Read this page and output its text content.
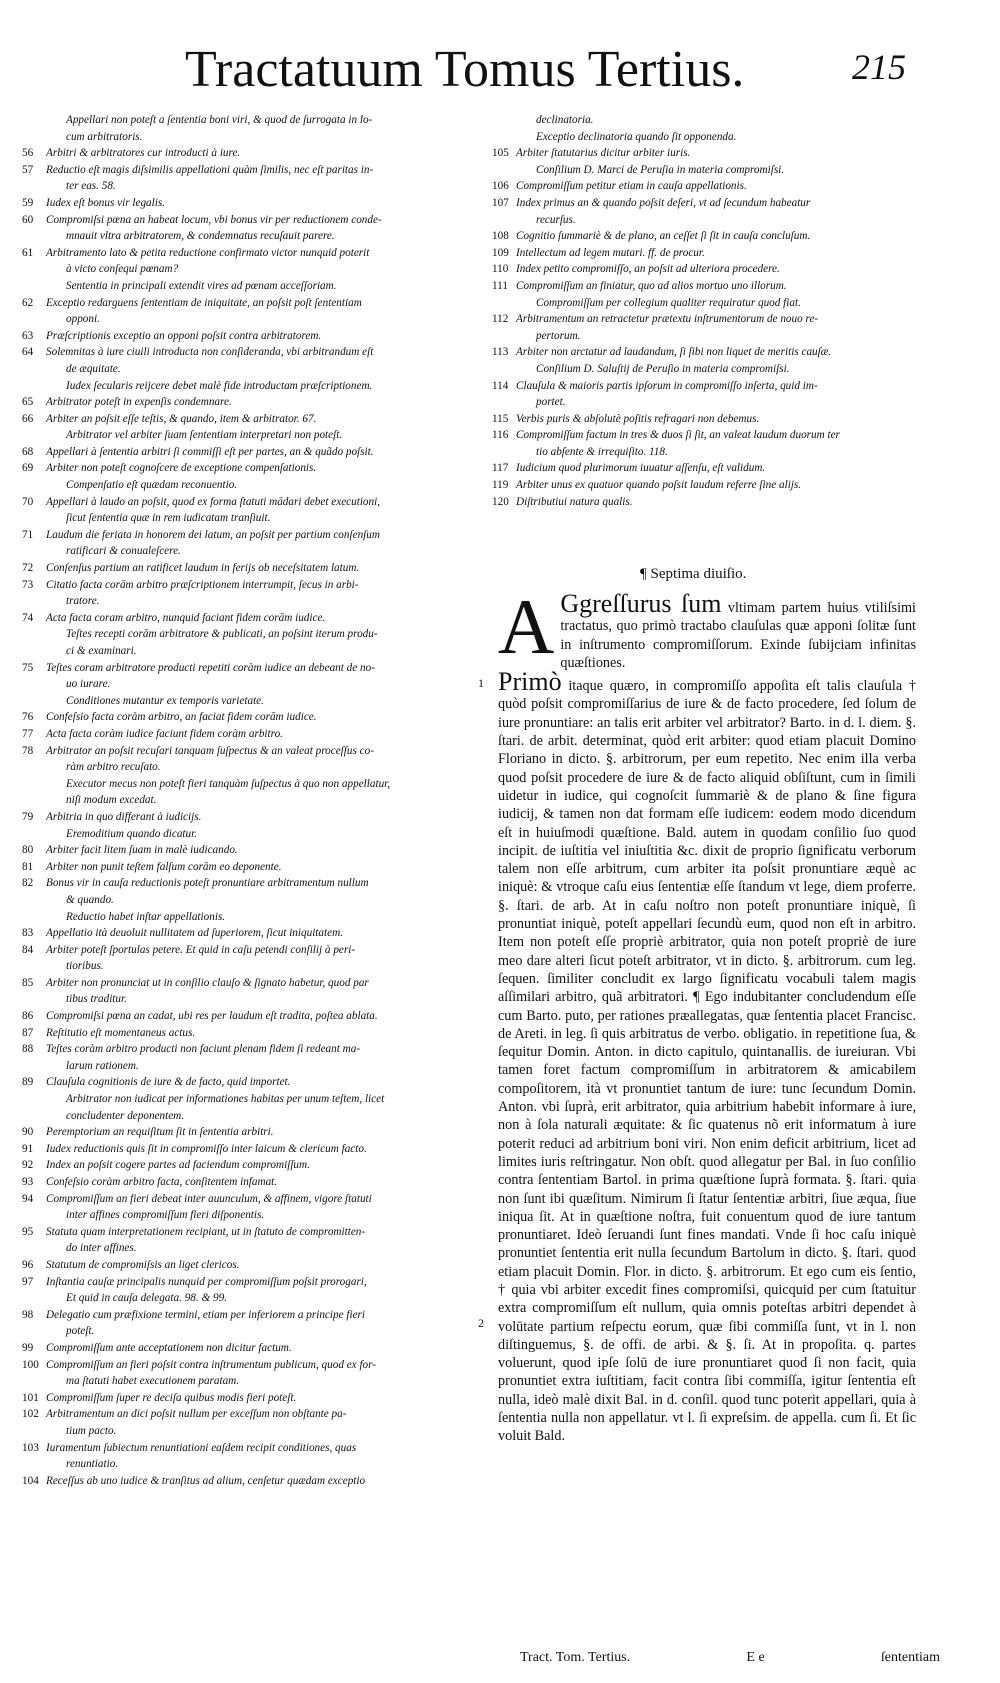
Tractatuum Tomus Tertius.	215
Appellari non poteſt a ſententia boni viri, & quod de ſurrogata in lo-
cum arbitratoris.
56	Arbitri & arbitratores cur introducti à iure.
57	Reductio eſt magis diſsimilis appellationi quàm ſimilis, nec eſt paritas in-
ter eas. 58.
59	Iudex eſt bonus vir legalis.
60	Compromiſsi pœna an habeat locum, vbi bonus vir per reductionem conde-
mnauit vltra arbitratorem, & condemnatus recuſauit parere.
61	Arbitramento lato & petita reductione confirmato victor nunquid poterit
à victo conſequi pœnam?
Sententia in principali extendit vires ad pœnam acceſſoriam.
62	Exceptio redarguens ſententiam de iniquitate, an poſsit poſt ſententiam
opponi.
63	Præſcriptionis exceptio an opponi poſsit contra arbitratorem.
64	Solemnitas à iure ciuili introducta non conſideranda, vbi arbitrandum eſt
de æquitate.
Iudex ſecularis reijcere debet malè fide introductam præſcriptionem.
65	Arbitrator poteſt in expenſis condemnare.
66	Arbiter an poſsit eſſe teſtis, & quando, item & arbitrator. 67.
Arbitrator vel arbiter ſuam ſententiam interpretari non poteſt.
68	Appellari à ſententia arbitri ſi commiſſi eſt per partes, an & quãdo poſsit.
69	Arbiter non poteſt cognoſcere de exceptione compenſationis.
Compenſatio eſt quædam reconuentio.
70	Appellari à laudo an poſsit, quod ex forma ſtatuti mādari debet executioni,
ſicut ſententia quæ in rem iudicatam tranſiuit.
71	Laudum die feriata in honorem dei latum, an poſsit per partium conſenſum
ratificari & conualeſcere.
72	Conſenſus partium an ratificet laudum in ferijs ob neceſsitatem latum.
73	Citatio facta corām arbitro præſcriptionem interrumpit, ſecus in arbi-
tratore.
74	Acta facta coram arbitro, nunquid faciant fidem corām iudice.
Teſtes recepti corām arbitratore & publicati, an poſsint iterum produ-
ci & examinari.
75	Teſtes coram arbitratore producti repetiti coràm iudice an debeant de no-
uo iurare.
Conditiones mutantur ex temporis varietate.
76	Confeſsio facta coràm arbitro, an faciat fidem corām iudice.
77	Acta facta coràm iudice faciunt fidem coràm arbitro.
78	Arbitrator an poſsit recuſari tanquam ſuſpectus & an valeat proceſſus co-
ràm arbitro recuſato.
Executor mecus non poteſt fieri tanquàm ſuſpectus à quo non appellatur,
niſi modum excedat.
79	Arbitria in quo differant à iudicijs.
Eremoditium quando dicatur.
80	Arbiter facit litem ſuam in malè iudicando.
81	Arbiter non punit teſtem falſum corām eo deponente.
82	Bonus vir in cauſa reductionis poteſt pronuntiare arbitramentum nullum
& quando.
Reductio habet inſtar appellationis.
83	Appellatio ità deuoluit nullitatem ad ſuperiorem, ſicut iniquitatem.
84	Arbiter poteſt ſportulas petere. Et quid in caſu petendi conſilij à peri-
tioribus.
85	Arbiter non pronunciat ut in conſilio clauſo & ſignato habetur, quod par
tibus traditur.
86	Compromiſsi pœna an cadat, ubi res per laudum eſt tradita, poſtea ablata.
87	Reſtitutio eſt momentaneus actus.
88	Teſtes coràm arbitro producti non faciunt plenam fidem ſi redeant ma-
larum rationem.
89	Clauſula cognitionis de iure & de facto, quid importet.
Arbitrator non iudicat per informationes habitas per unum teſtem, licet
concludenter deponentem.
90	Peremptorium an requiſitum ſit in ſententia arbitri.
91	Iudex reductionis quis ſit in compromiſſo inter laicum & clericum facto.
92	Index an poſsit cogere partes ad faciendum compromiſſum.
93	Confeſsio coràm arbitro facta, conſitentem infamat.
94	Compromiſſum an fieri debeat inter auunculum, & affinem, vigore ſtatuti
inter affines compromiſſum fieri diſponentis.
95	Statuta quam interpretationem recipiant, ut in ſtatuto de compromitten-
do inter affines.
96	Statutum de compromiſsis an liget clericos.
97	Inſtantia cauſæ principalis nunquid per compromiſſum poſsit prorogari,
Et quid in cauſa delegata. 98. & 99.
98	Delegatio cum præfixione termini, etiam per inferiorem a principe fieri
poteſt.
99	Compromiſſum ante acceptationem non dicitur factum.
100 Compromiſſum an fieri poſsit contra inſtrumentum publicum, quod ex for-
ma ſtatuti habet executionem paratam.
101 Compromiſſum ſuper re deciſa quibus modis fieri poteſt.
102 Arbitramentum an dici poſsit nullum per exceſſum non obſtante pa-
tium pacto.
103 Iuramentum ſubiectum renuntiationi eaſdem recipit conditiones, quas
renuntiatio.
104 Receſſus ab uno iudice & tranſitus ad alium, cenſetur quædam exceptio
declinatoria.
Exceptio declinatoria quando ſit opponenda.
105 Arbiter ſtatutarius dicitur arbiter iuris.
Conſilium D. Marci de Peruſia in materia compromiſsi.
106 Compromiſſum petitur etiam in cauſa appellationis.
107 Index primus an & quando poſsit deſeri, vt ad ſecundum habeatur
recurſus.
108 Cognitio ſummariè & de plano, an ceſſet ſi ſit in cauſa concluſum.
109 Intellectum ad legem mutari. ff. de procur.
110 Index petito compromiſſo, an poſsit ad ulteriora procedere.
111 Compromiſſum an finiatur, quo ad alios mortuo uno illorum.
Compromiſſum per collegium qualiter requiratur quod fiat.
112 Arbitramentum an retractetur prætextu inſtrumentorum de nouo re-
pertorum.
113 Arbiter non arctatur ad laudandum, ſi ſibi non liquet de meritis cauſæ.
Conſilium D. Saluſtij de Peruſio in materia compromiſsi.
114 Clauſula & maioris partis ipſorum in compromiſſo inſerta, quid im-
portet.
115 Verbis puris & abſolutè poſitis refragari non debemus.
116 Compromiſſum factum in tres & duos ſi ſit, an valeat laudum duorum ter
tio abſente & irrequiſito. 118.
117 Iudicium quod plurimorum iuuatur aſſenſu, eſt validum.
119 Arbiter unus ex quatuor quando poſsit laudum referre ſine alijs.
120 Diſtributiui natura qualis.
¶ Septima diuiſio.

A Ggreſſurus ſum vltimam partem huius vtiliſsimi tractatus, quo primò tractabo clauſulas quæ apponi ſolitæ ſunt in inſtrumento compromiſſorum. Exinde ſubijciam infinitas quæſtiones.

Primò itaque quæro, in compromiſſo appoſita eſt talis clauſula † quòd poſsit compromiſſarius de iure & de facto procedere, ſed ſolum de iure pronuntiare: an talis erit arbiter vel arbitrator? Barto. in d. l. diem. §. ſtari. de arbit. determinat, quòd erit arbiter: quod etiam placuit Domino Floriano in dicto. §. arbitrorum, per eum repetito. Nec enim illa verba quod poſsit procedere de iure & de facto aliquid obſiſtunt, cum in ſimili uidetur in iudice, qui cognoſcit ſummariè & de plano & ſine figura iudicij, & tamen non dat formam eſſe iudicem: eodem modo dicendum eſt in huiuſmodi quæſtione. Bald. autem in quodam conſilio ſuo quod incipit. de iuſtitia vel iniuſtitia &c. dixit de proprio ſignificatu verborum talem non eſſe arbitrum, cum arbiter ita poſsit pronuntiare æquè ac iniquè: & vtroque caſu eius ſententiæ eſſe ſtandum vt lege, diem proferre. §. ſtari. de arb. At in caſu noſtro non poteſt pronuntiare iniquè, ſi pronuntiat iniquè, poteſt appellari ſecundù eum, quod non eſt in arbitro. Item non poteſt eſſe propriè arbitrator, quia non poteſt propriè de iure meo dare alteri ſicut poteſt arbitrator, vt in dicto. §. arbitrorum. cum leg. ſequen. ſimiliter concludit ex largo ſignificatu vocabuli talem magis aſſimilari arbitro, quã arbitratori. ¶ Ego indubitanter concludendum eſſe cum Barto. puto, per rationes præallegatas, quæ ſententia placet Francisc. de Areti. in leg. ſi quis arbitratus de verbo. obligatio. in repetitione ſua, & ſequitur Domin. Anton. in dicto capitulo, quintanallis. de iureiuran. Vbi tamen foret factum compromiſſum in arbitratorem & amicabilem compoſitorem, ità vt pronuntiet tantum de iure: tunc ſecundum Domin. Anton. vbi ſuprà, erit arbitrator, quia arbitrium habebit informare à iure, non à ſola naturali æquitate: & ſic quatenus nõ erit informatum à iure poterit reduci ad arbitrium boni viri. Non enim deficit arbitrium, licet ad limites iuris reſtringatur. Non obſt. quod allegatur per Bal. in ſuo conſilio contra ſententiam Bartol. in prima quæſtione ſuprà formata. §. ſtari. quia non ſunt ibi quæſitum. Nimirum ſi ſtatur ſententiæ arbitri, ſiue æqua, ſiue iniqua ſit. At in quæſtione noſtra, fuit conuentum quod de iure tantum pronuntiaret. Ideò ſeruandi ſunt fines mandati. Vnde ſi hoc caſu iniquè pronuntiet ſententia erit nulla ſecundum Bartolum in dicto. §. ſtari. quod etiam placuit Domin. Flor. in dicto. §. arbitrorum. Et ego cum eis ſentio, † quia vbi arbiter excedit fines compromiſsi, quicquid per cum ſtatuitur extra compromiſſum eſt nullum, quia omnis poteſtas arbitri dependet à volūtate partium reſpectu eorum, quæ ſibi commiſſa ſunt, vt in l. non diſtinguemus, §. de offi. de arbi. & §. ſi. At in propoſita. q. partes voluerunt, quod ipſe ſolū de iure pronuntiaret quod ſi non facit, quia pronuntiet extra iuſtitiam, facit contra ſibi commiſſa, igitur ſententia eſt nulla, ideò malè dixit Bal. in d. conſil. quod tunc poterit appellari, quia à ſententia nulla non appellatur. vt l. ſi expreſsim. de appella. cum ſi. Et ſic voluit Bald.

1
2
Tract. Tom. Tertius.	E e	ſententiam
